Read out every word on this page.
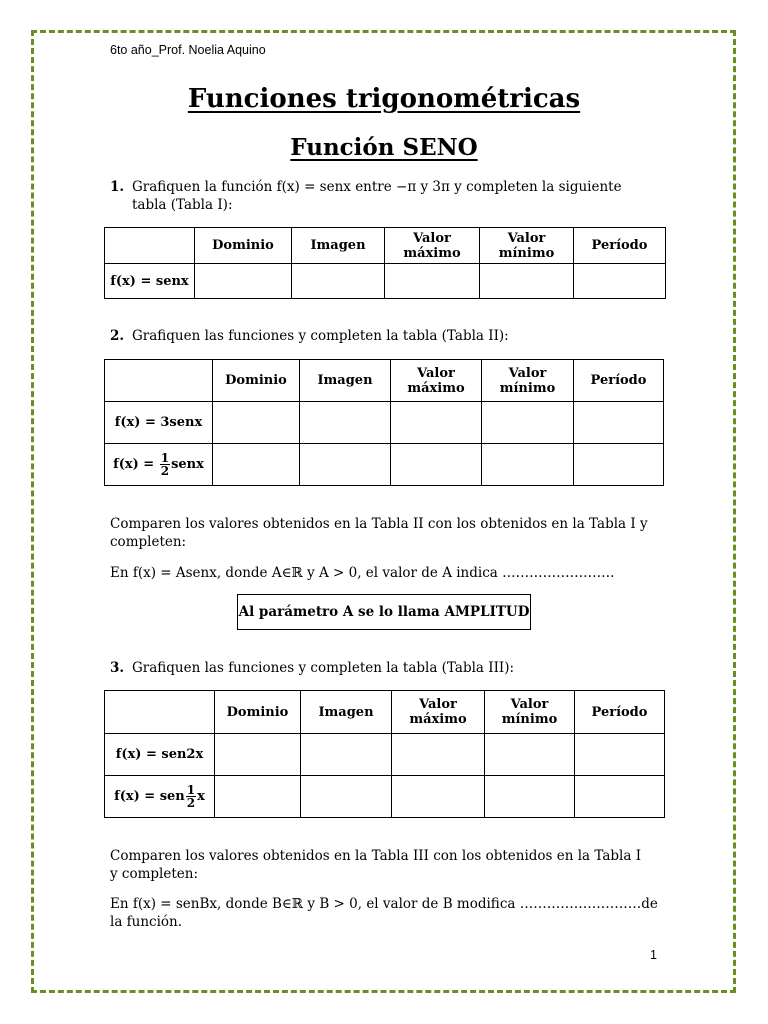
6to año_Prof. Noelia Aquino
Funciones trigonométricas
Función SENO
1. Grafiquen la función f(x) = senx entre −π y 3π y completen la siguiente
tabla (Tabla I):
	Dominio	Imagen	Valor máximo	Valor mínimo	Período
f(x) = senx					
2. Grafiquen las funciones y completen la tabla (Tabla II):
	Dominio	Imagen	Valor máximo	Valor mínimo	Período
f(x) = 3senx					
$f(x) = \frac{1}{2}$ senx					
Comparen los valores obtenidos en la Tabla II con los obtenidos en la Tabla I y
completen:
En f(x) = Asenx, donde A∈ℝ y A > 0, el valor de A indica …………………….
Al parámetro A se lo llama AMPLITUD
3. Grafiquen las funciones y completen la tabla (Tabla III):
	Dominio	Imagen	Valor máximo	Valor mínimo	Período
f(x) = sen2x					
f(x) = sen $\frac{1}{2}$ x					
Comparen los valores obtenidos en la Tabla III con los obtenidos en la Tabla I
y completen:
En f(x) = senBx, donde B∈ℝ y B > 0, el valor de B modifica ………………………de
la función.
1
